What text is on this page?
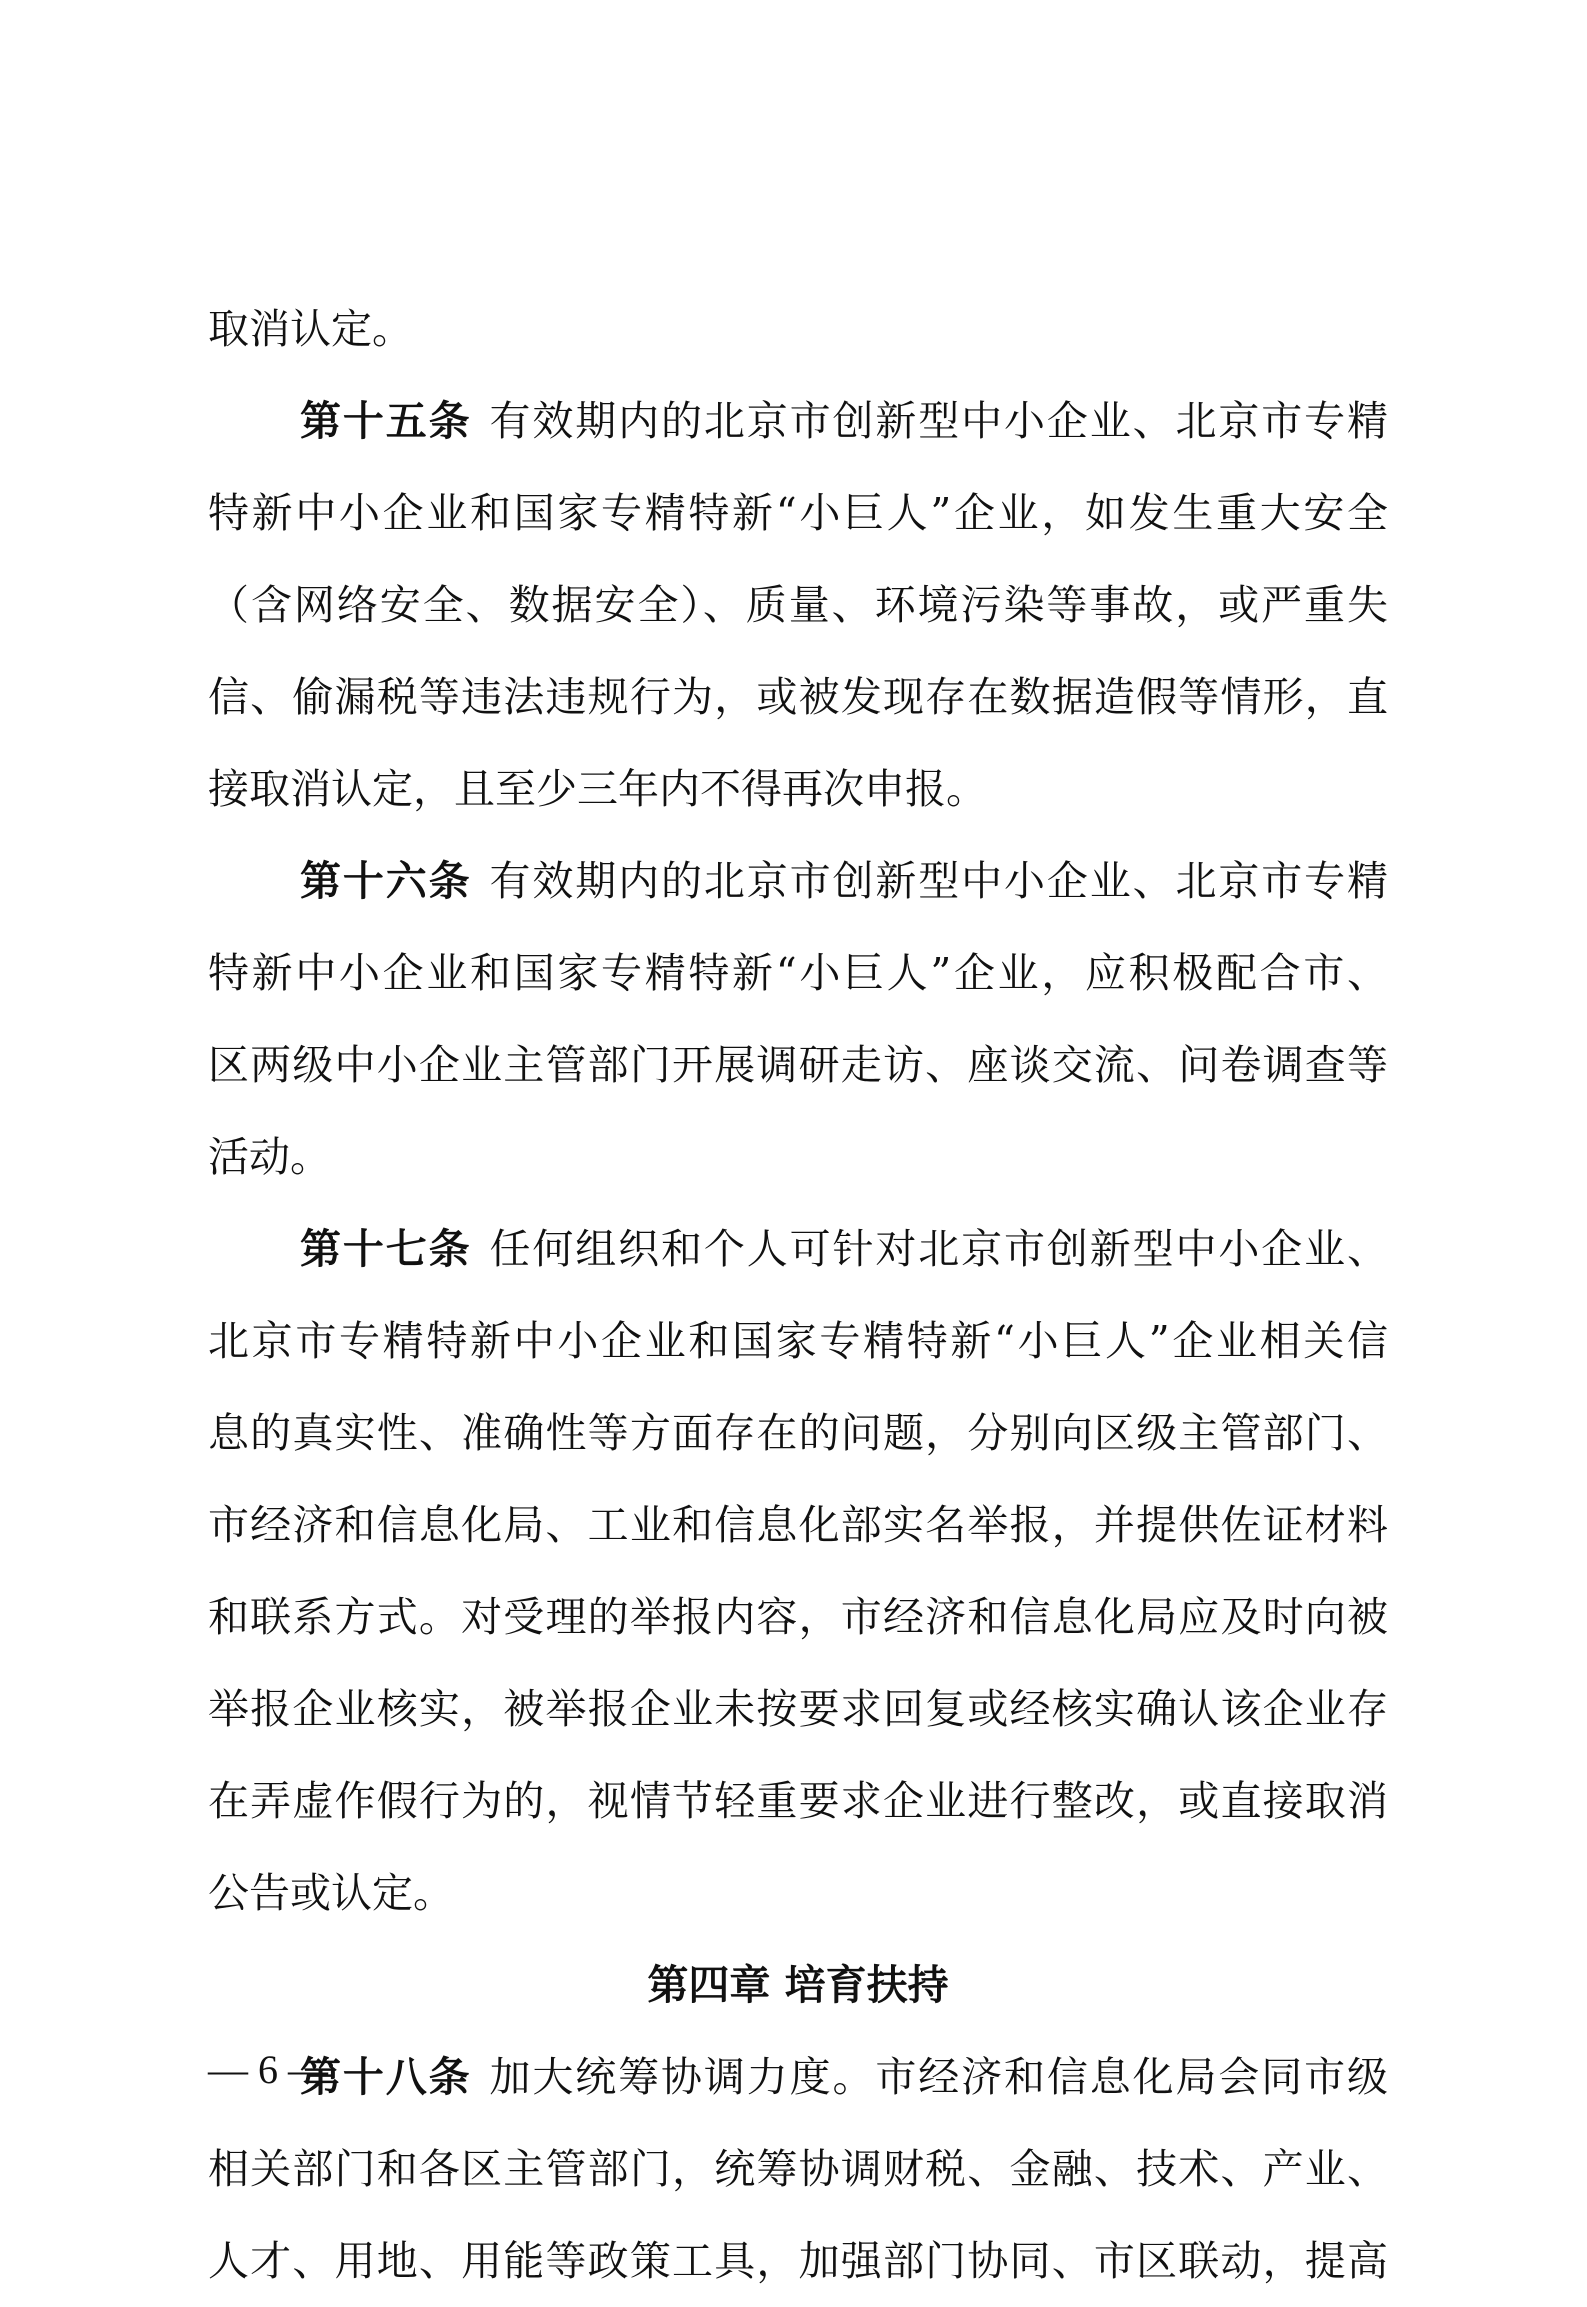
取消认定。
第十五条 有效期内的北京市创新型中小企业、北京市专精
特新中小企业和国家专精特新“小巨人”企业，如发生重大安全
（含网络安全、数据安全）、质量、环境污染等事故，或严重失
信、偷漏税等违法违规行为，或被发现存在数据造假等情形，直
接取消认定，且至少三年内不得再次申报。
第十六条 有效期内的北京市创新型中小企业、北京市专精
特新中小企业和国家专精特新“小巨人”企业，应积极配合市、
区两级中小企业主管部门开展调研走访、座谈交流、问卷调查等
活动。
第十七条 任何组织和个人可针对北京市创新型中小企业、
北京市专精特新中小企业和国家专精特新“小巨人”企业相关信
息的真实性、准确性等方面存在的问题，分别向区级主管部门、
市经济和信息化局、工业和信息化部实名举报，并提供佐证材料
和联系方式。对受理的举报内容，市经济和信息化局应及时向被
举报企业核实，被举报企业未按要求回复或经核实确认该企业存
在弄虚作假行为的，视情节轻重要求企业进行整改，或直接取消
公告或认定。
第四章 培育扶持
第十八条 加大统筹协调力度。市经济和信息化局会同市级
相关部门和各区主管部门，统筹协调财税、金融、技术、产业、
人才、用地、用能等政策工具，加强部门协同、市区联动，提高
— 6 —
